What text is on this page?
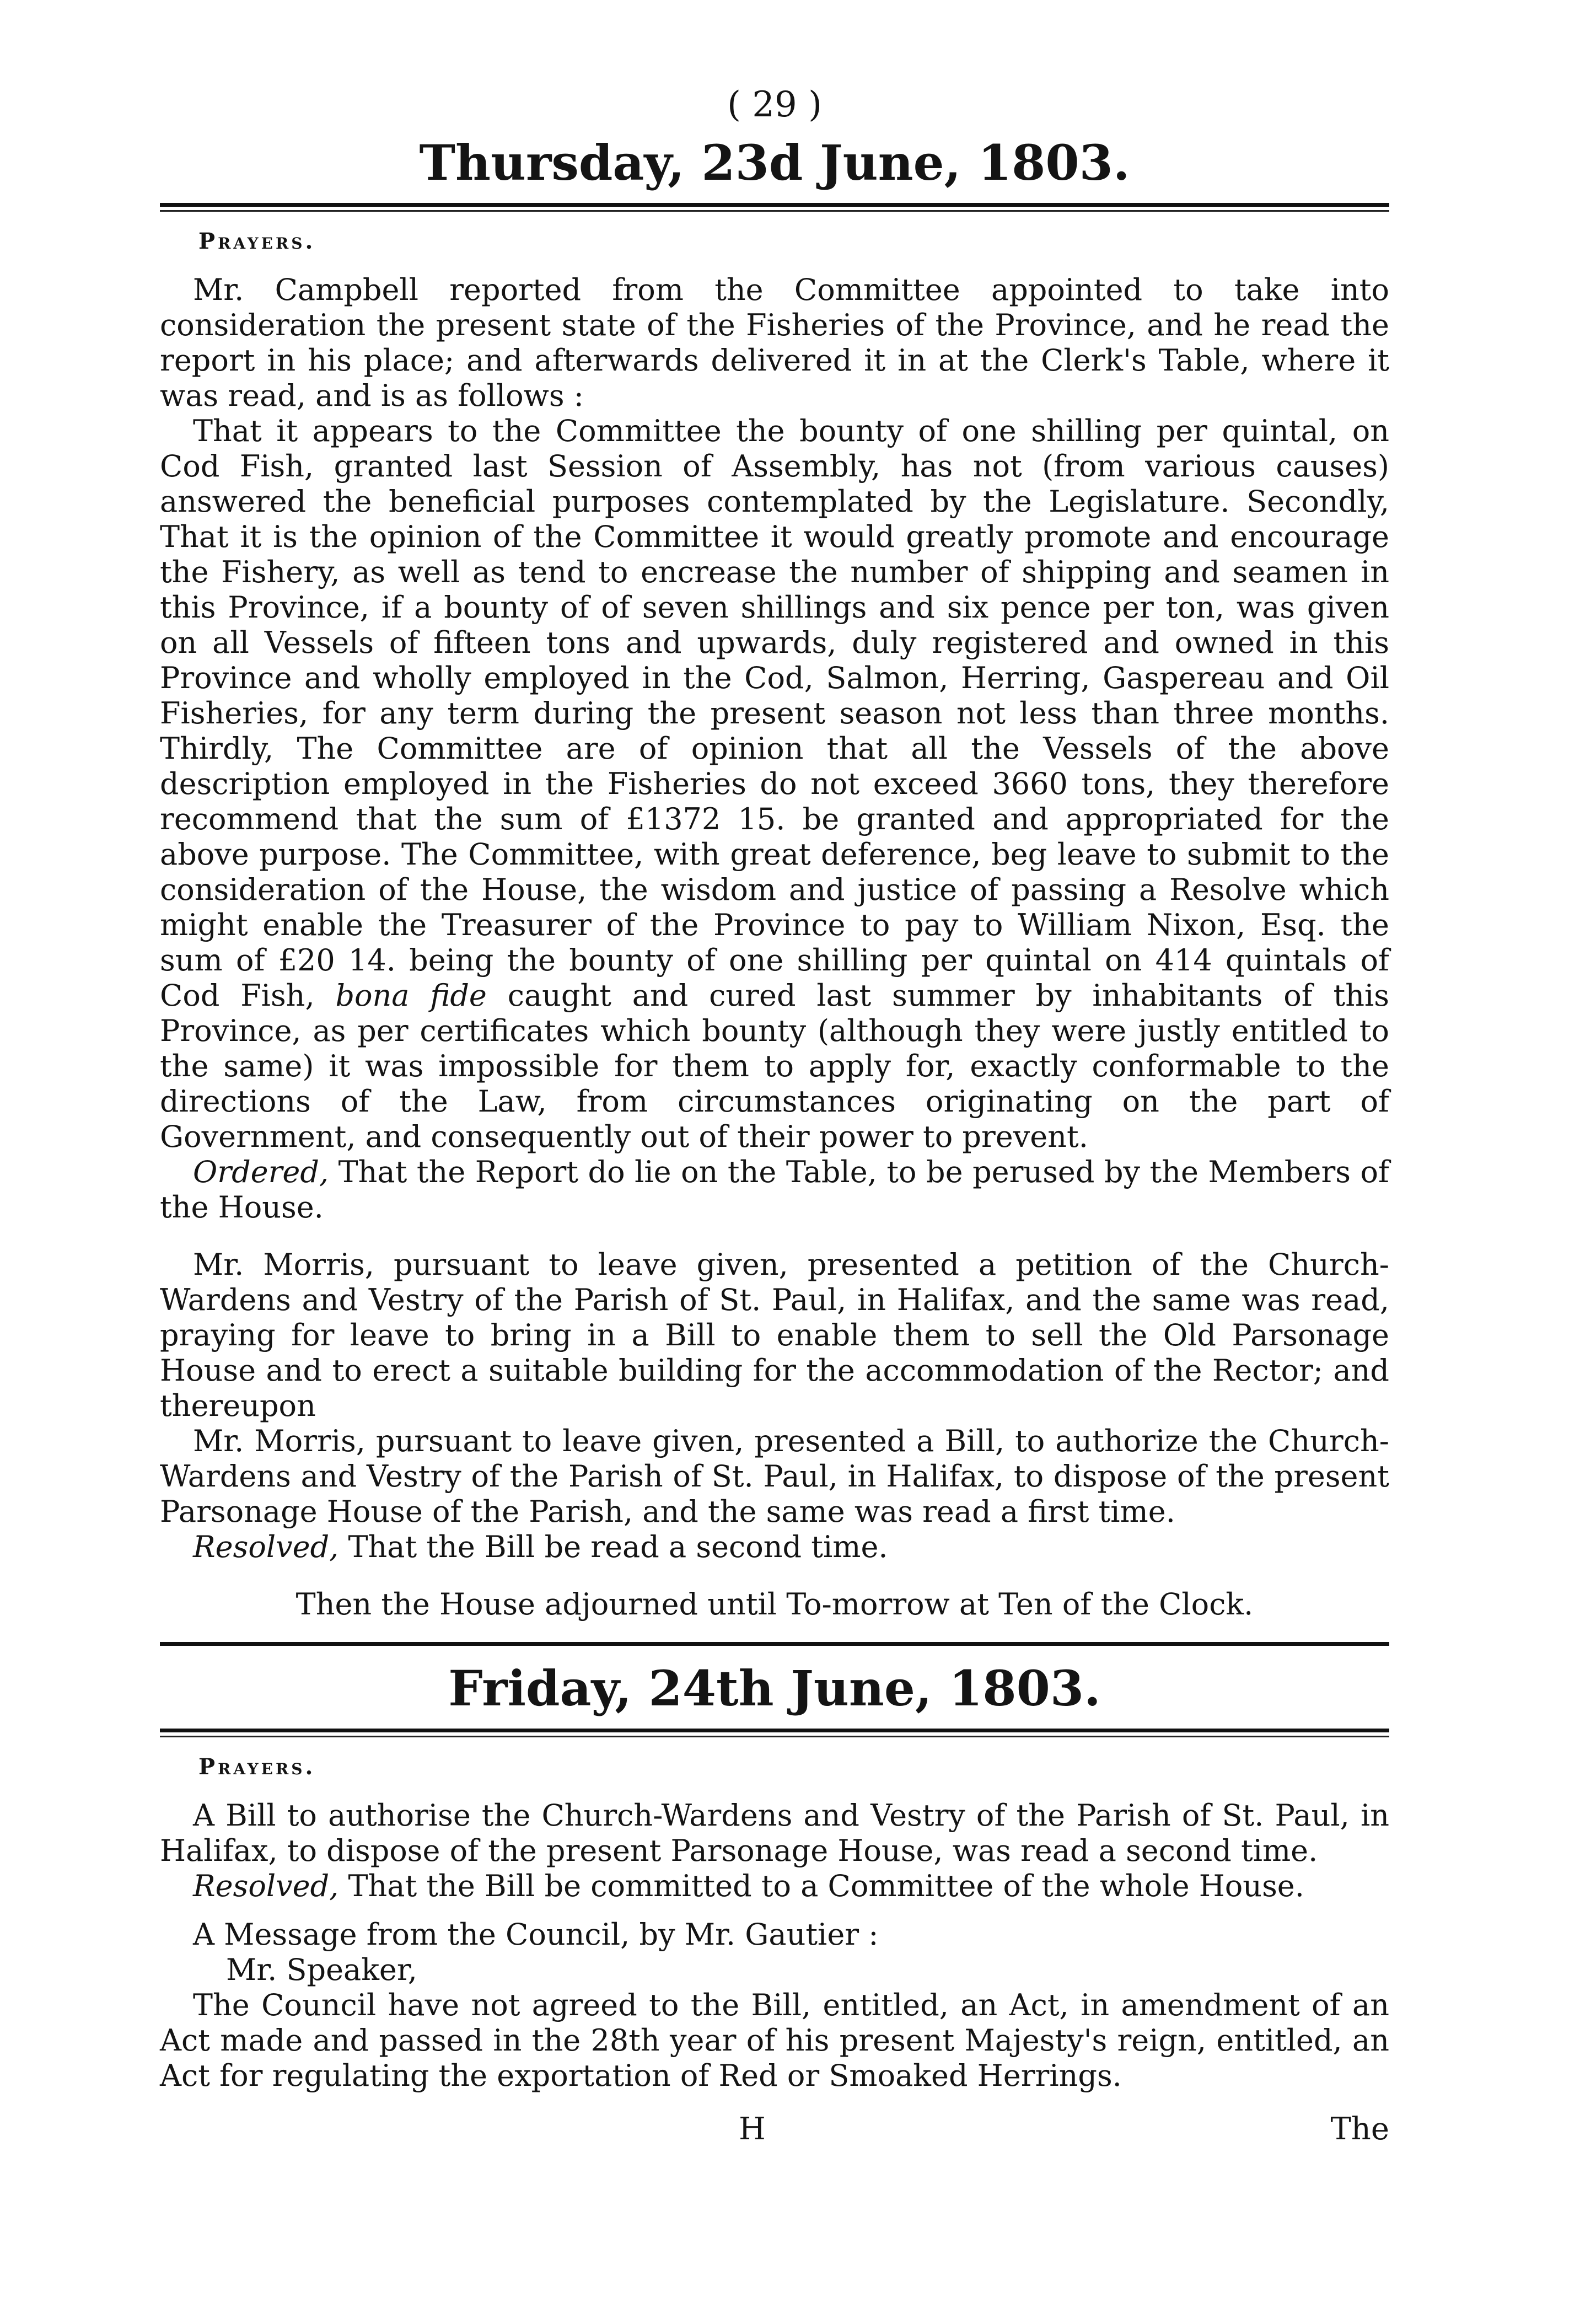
( 29 )
Thursday, 23d June, 1803.
Prayers.

Mr. Campbell reported from the Committee appointed to take into consideration the present state of the Fisheries of the Province, and he read the report in his place; and afterwards delivered it in at the Clerk's Table, where it was read, and is as follows :

That it appears to the Committee the bounty of one shilling per quintal, on Cod Fish, granted last Session of Assembly, has not (from various causes) answered the beneficial purposes contemplated by the Legislature. Secondly, That it is the opinion of the Committee it would greatly promote and encourage the Fishery, as well as tend to encrease the number of shipping and seamen in this Province, if a bounty of of seven shillings and six pence per ton, was given on all Vessels of fifteen tons and upwards, duly registered and owned in this Province and wholly employed in the Cod, Salmon, Herring, Gaspereau and Oil Fisheries, for any term during the present season not less than three months. Thirdly, The Committee are of opinion that all the Vessels of the above description employed in the Fisheries do not exceed 3660 tons, they therefore recommend that the sum of £1372 15. be granted and appropriated for the above purpose. The Committee, with great deference, beg leave to submit to the consideration of the House, the wisdom and justice of passing a Resolve which might enable the Treasurer of the Province to pay to William Nixon, Esq. the sum of £20 14. being the bounty of one shilling per quintal on 414 quintals of Cod Fish, bona fide caught and cured last summer by inhabitants of this Province, as per certificates which bounty (although they were justly entitled to the same) it was impossible for them to apply for, exactly conformable to the directions of the Law, from circumstances originating on the part of Government, and consequently out of their power to prevent.

Ordered, That the Report do lie on the Table, to be perused by the Members of the House.

Mr. Morris, pursuant to leave given, presented a petition of the Church-Wardens and Vestry of the Parish of St. Paul, in Halifax, and the same was read, praying for leave to bring in a Bill to enable them to sell the Old Parsonage House and to erect a suitable building for the accommodation of the Rector; and thereupon

Mr. Morris, pursuant to leave given, presented a Bill, to authorize the Church-Wardens and Vestry of the Parish of St. Paul, in Halifax, to dispose of the present Parsonage House of the Parish, and the same was read a first time.

Resolved, That the Bill be read a second time.

Then the House adjourned until To-morrow at Ten of the Clock.

Friday, 24th June, 1803.
Prayers.

A Bill to authorise the Church-Wardens and Vestry of the Parish of St. Paul, in Halifax, to dispose of the present Parsonage House, was read a second time.

Resolved, That the Bill be committed to a Committee of the whole House.

A Message from the Council, by Mr. Gautier :

Mr. Speaker,

The Council have not agreed to the Bill, entitled, an Act, in amendment of an Act made and passed in the 28th year of his present Majesty's reign, entitled, an Act for regulating the exportation of Red or Smoaked Herrings.

H	The
